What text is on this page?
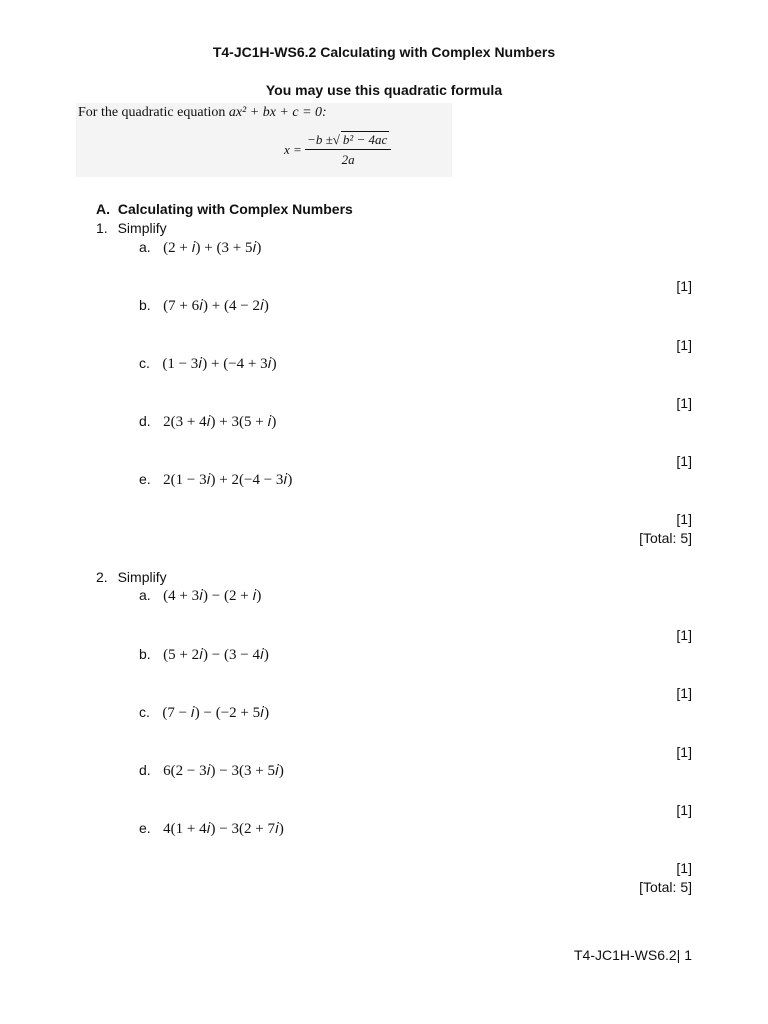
T4-JC1H-WS6.2 Calculating with Complex Numbers
You may use this quadratic formula
For the quadratic equation ax² + bx + c = 0:
$x = \frac{\text{−b ±√ b² − 4ac}}{2a}$
A. Calculating with Complex Numbers
1. Simplify
a. (2 + 𝑖) + (3 + 5𝑖)
[1]
b. (7 + 6𝑖) + (4 − 2𝑖)
[1]
c. (1 − 3𝑖) + (−4 + 3𝑖)
[1]
d. 2(3 + 4𝑖) + 3(5 + 𝑖)
[1]
e. 2(1 − 3𝑖) + 2(−4 − 3𝑖)
[1]
[Total: 5]
2. Simplify
a. (4 + 3𝑖) − (2 + 𝑖)
[1]
b. (5 + 2𝑖) − (3 − 4𝑖)
[1]
c. (7 − 𝑖) − (−2 + 5𝑖)
[1]
d. 6(2 − 3𝑖) − 3(3 + 5𝑖)
[1]
e. 4(1 + 4𝑖) − 3(2 + 7𝑖)
[1]
[Total: 5]
T4-JC1H-WS6.2| 1
